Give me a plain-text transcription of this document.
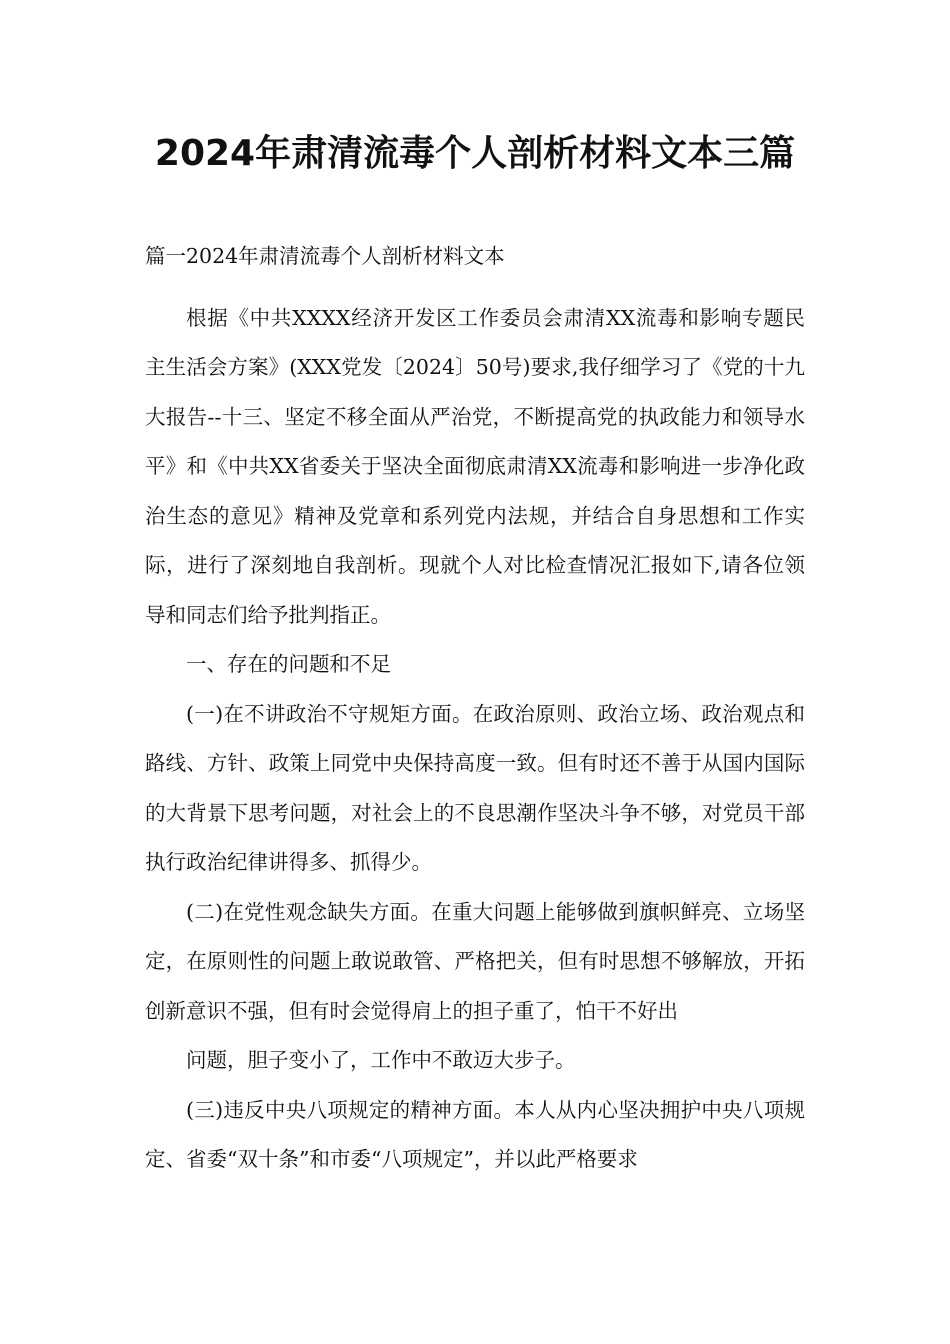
2024年肃清流毒个人剖析材料文本三篇

篇一2024年肃清流毒个人剖析材料文本

根据《中共XXXX经济开发区工作委员会肃清XX流毒和影响专题民主生活会方案》(XXX党发〔2024〕50号)要求,我仔细学习了《党的十九大报告--十三、坚定不移全面从严治党，不断提高党的执政能力和领导水平》和《中共XX省委关于坚决全面彻底肃清XX流毒和影响进一步净化政治生态的意见》精神及党章和系列党内法规，并结合自身思想和工作实际，进行了深刻地自我剖析。现就个人对比检查情况汇报如下,请各位领导和同志们给予批判指正。

一、存在的问题和不足

(一)在不讲政治不守规矩方面。在政治原则、政治立场、政治观点和路线、方针、政策上同党中央保持高度一致。但有时还不善于从国内国际的大背景下思考问题，对社会上的不良思潮作坚决斗争不够，对党员干部执行政治纪律讲得多、抓得少。

(二)在党性观念缺失方面。在重大问题上能够做到旗帜鲜亮、立场坚定，在原则性的问题上敢说敢管、严格把关，但有时思想不够解放，开拓创新意识不强，但有时会觉得肩上的担子重了，怕干不好出

问题，胆子变小了，工作中不敢迈大步子。

(三)违反中央八项规定的精神方面。本人从内心坚决拥护中央八项规定、省委“双十条”和市委“八项规定”，并以此严格要求
